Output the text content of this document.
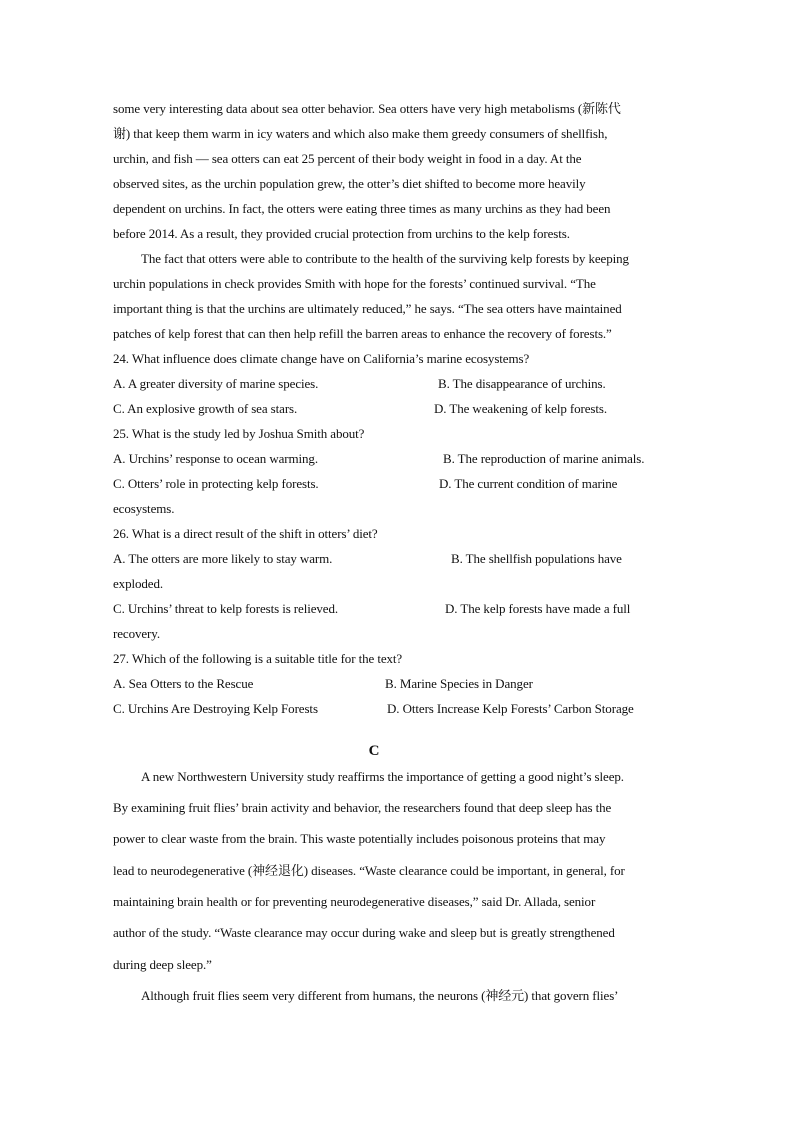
some very interesting data about sea otter behavior. Sea otters have very high metabolisms (新陈代
谢) that keep them warm in icy waters and which also make them greedy consumers of shellfish,
urchin, and fish — sea otters can eat 25 percent of their body weight in food in a day. At the
observed sites, as the urchin population grew, the otter’s diet shifted to become more heavily
dependent on urchins. In fact, the otters were eating three times as many urchins as they had been
before 2014. As a result, they provided crucial protection from urchins to the kelp forests.
The fact that otters were able to contribute to the health of the surviving kelp forests by keeping
urchin populations in check provides Smith with hope for the forests’ continued survival. “The
important thing is that the urchins are ultimately reduced,” he says. “The sea otters have maintained
patches of kelp forest that can then help refill the barren areas to enhance the recovery of forests.”
24. What influence does climate change have on California’s marine ecosystems?
A. A greater diversity of marine species.	B. The disappearance of urchins.
C. An explosive growth of sea stars.	D. The weakening of kelp forests.
25. What is the study led by Joshua Smith about?
A. Urchins’ response to ocean warming.	B. The reproduction of marine animals.
C. Otters’ role in protecting kelp forests.	D. The current condition of marine
ecosystems.
26. What is a direct result of the shift in otters’ diet?
A. The otters are more likely to stay warm.	B. The shellfish populations have
exploded.
C. Urchins’ threat to kelp forests is relieved.	D. The kelp forests have made a full
recovery.
27. Which of the following is a suitable title for the text?
A. Sea Otters to the Rescue	B. Marine Species in Danger
C. Urchins Are Destroying Kelp Forests	D. Otters Increase Kelp Forests’ Carbon Storage
C
A new Northwestern University study reaffirms the importance of getting a good night’s sleep.
By examining fruit flies’ brain activity and behavior, the researchers found that deep sleep has the
power to clear waste from the brain. This waste potentially includes poisonous proteins that may
lead to neurodegenerative (神经退化) diseases. “Waste clearance could be important, in general, for
maintaining brain health or for preventing neurodegenerative diseases,” said Dr. Allada, senior
author of the study. “Waste clearance may occur during wake and sleep but is greatly strengthened
during deep sleep.”
Although fruit flies seem very different from humans, the neurons (神经元) that govern flies’
